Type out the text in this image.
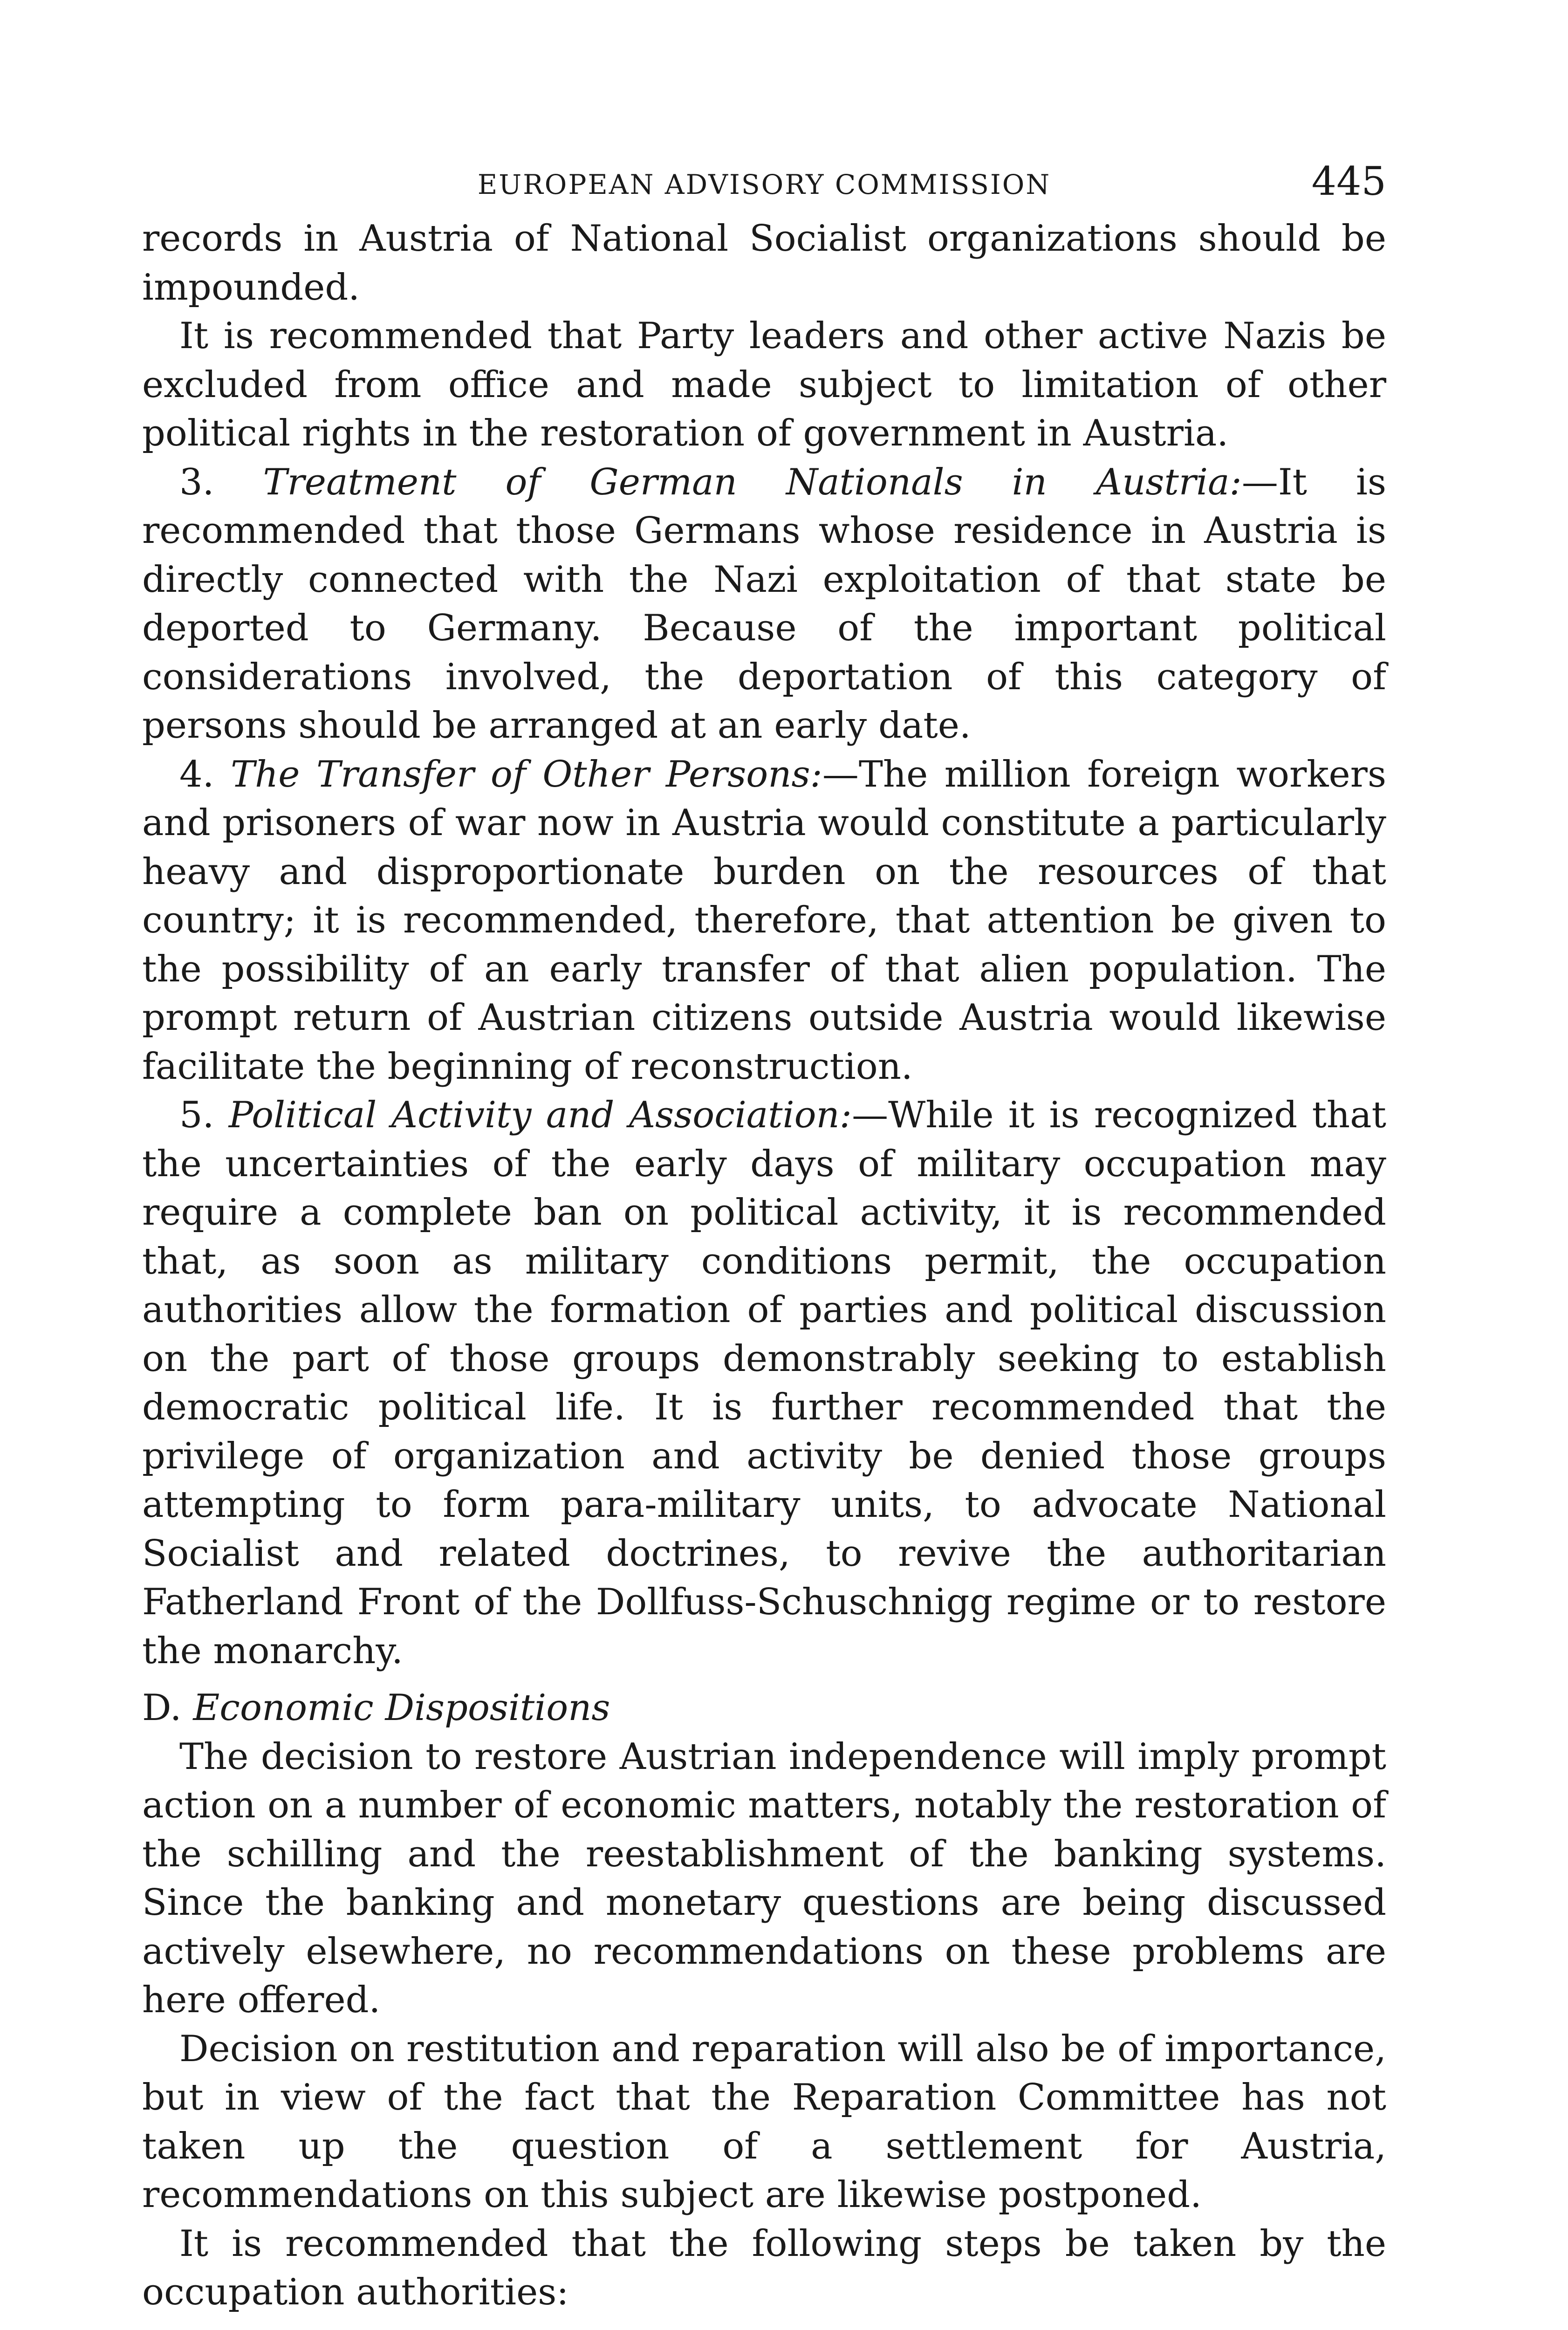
EUROPEAN ADVISORY COMMISSION	445

records in Austria of National Socialist organizations should be impounded.

It is recommended that Party leaders and other active Nazis be excluded from office and made subject to limitation of other political rights in the restoration of government in Austria.

3. Treatment of German Nationals in Austria:—It is recommended that those Germans whose residence in Austria is directly connected with the Nazi exploitation of that state be deported to Germany. Because of the important political considerations involved, the deportation of this category of persons should be arranged at an early date.

4. The Transfer of Other Persons:—The million foreign workers and prisoners of war now in Austria would constitute a particularly heavy and disproportionate burden on the resources of that country; it is recommended, therefore, that attention be given to the possibility of an early transfer of that alien population. The prompt return of Austrian citizens outside Austria would likewise facilitate the beginning of reconstruction.

5. Political Activity and Association:—While it is recognized that the uncertainties of the early days of military occupation may require a complete ban on political activity, it is recommended that, as soon as military conditions permit, the occupation authorities allow the formation of parties and political discussion on the part of those groups demonstrably seeking to establish democratic political life. It is further recommended that the privilege of organization and activity be denied those groups attempting to form para-military units, to advocate National Socialist and related doctrines, to revive the authoritarian Fatherland Front of the Dollfuss-Schuschnigg regime or to restore the monarchy.

D. Economic Dispositions

The decision to restore Austrian independence will imply prompt action on a number of economic matters, notably the restoration of the schilling and the reestablishment of the banking systems. Since the banking and monetary questions are being discussed actively elsewhere, no recommendations on these problems are here offered.

Decision on restitution and reparation will also be of importance, but in view of the fact that the Reparation Committee has not taken up the question of a settlement for Austria, recommendations on this subject are likewise postponed.

It is recommended that the following steps be taken by the occupation authorities:
